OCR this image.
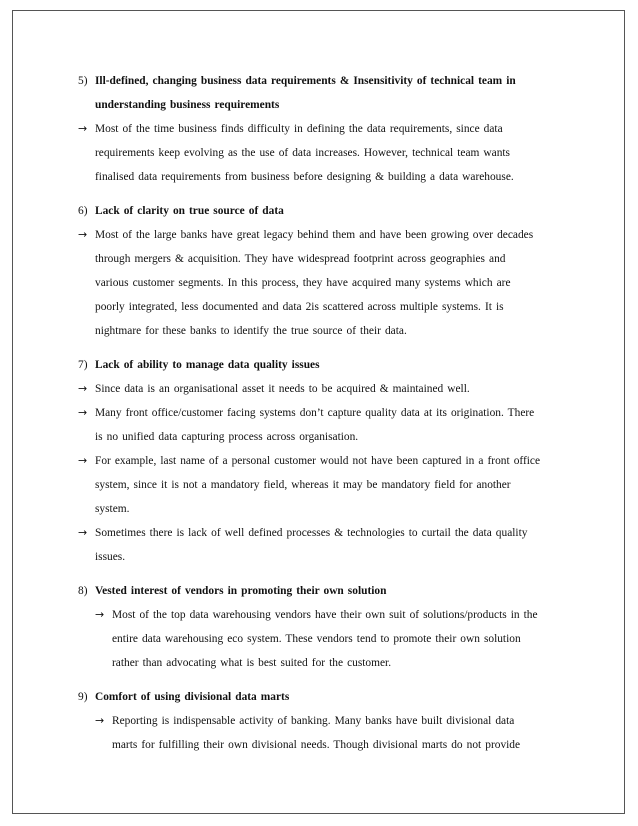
5) Ill-defined, changing business data requirements & Insensitivity of technical team in
understanding business requirements
→ Most of the time business finds difficulty in defining the data requirements, since data
requirements keep evolving as the use of data increases. However, technical team wants
finalised data requirements from business before designing & building a data warehouse.
6) Lack of clarity on true source of data
→ Most of the large banks have great legacy behind them and have been growing over decades
through mergers & acquisition. They have widespread footprint across geographies and
various customer segments. In this process, they have acquired many systems which are
poorly integrated, less documented and data 2is scattered across multiple systems. It is
nightmare for these banks to identify the true source of their data.
7) Lack of ability to manage data quality issues
→ Since data is an organisational asset it needs to be acquired & maintained well.
→ Many front office/customer facing systems don’t capture quality data at its origination. There
is no unified data capturing process across organisation.
→ For example, last name of a personal customer would not have been captured in a front office
system, since it is not a mandatory field, whereas it may be mandatory field for another
system.
→ Sometimes there is lack of well defined processes & technologies to curtail the data quality
issues.
8) Vested interest of vendors in promoting their own solution
→ Most of the top data warehousing vendors have their own suit of solutions/products in the
entire data warehousing eco system. These vendors tend to promote their own solution
rather than advocating what is best suited for the customer.
9) Comfort of using divisional data marts
→ Reporting is indispensable activity of banking. Many banks have built divisional data
marts for fulfilling their own divisional needs. Though divisional marts do not provide
